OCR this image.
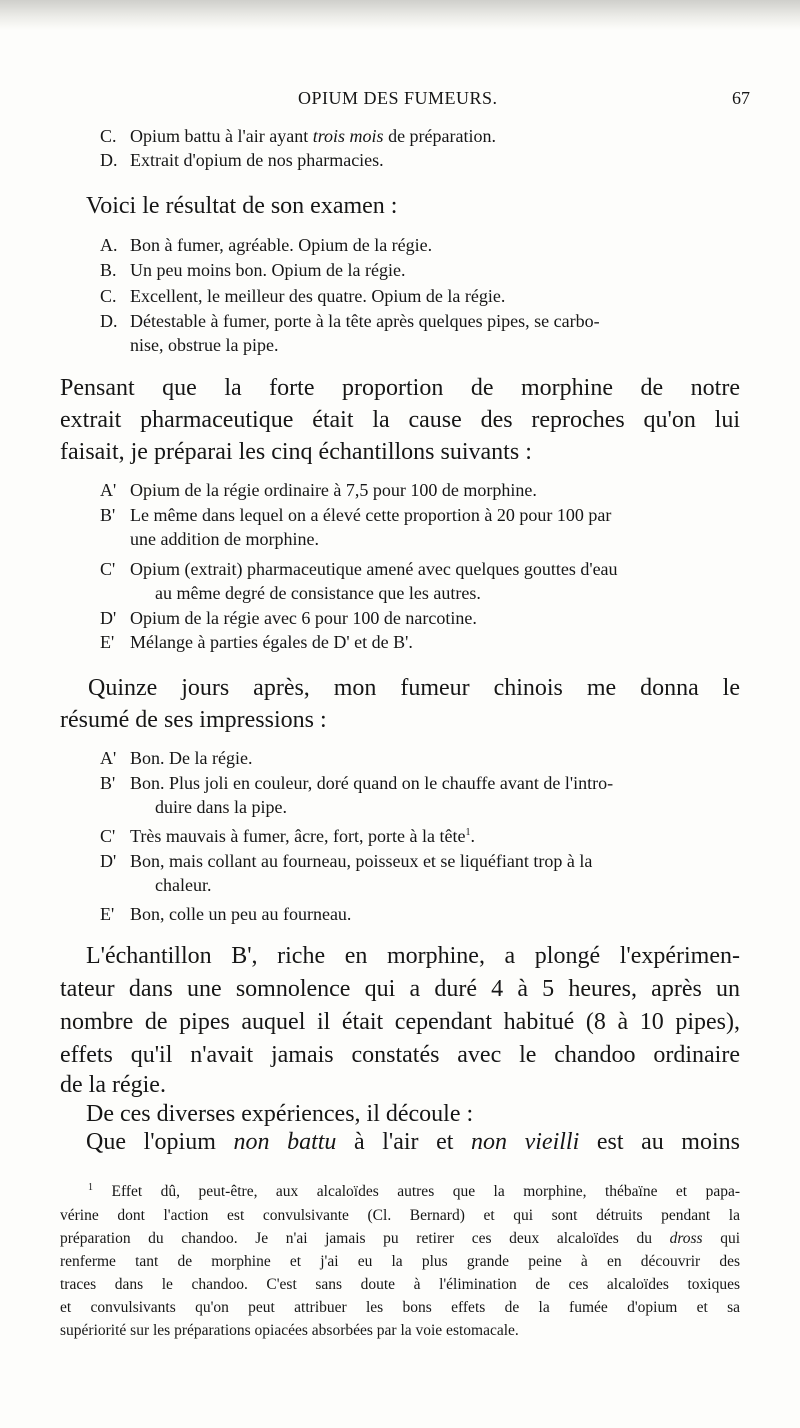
OPIUM DES FUMEURS.	67
C. Opium battu à l'air ayant trois mois de préparation.
D. Extrait d'opium de nos pharmacies.
Voici le résultat de son examen :
A. Bon à fumer, agréable. Opium de la régie.
B. Un peu moins bon. Opium de la régie.
C. Excellent, le meilleur des quatre. Opium de la régie.
D. Détestable à fumer, porte à la tête après quelques pipes, se carbo-
nise, obstrue la pipe.
Pensant que la forte proportion de morphine de notre
extrait pharmaceutique était la cause des reproches qu'on lui
faisait, je préparai les cinq échantillons suivants :
A' Opium de la régie ordinaire à 7,5 pour 100 de morphine.
B' Le même dans lequel on a élevé cette proportion à 20 pour 100 par
une addition de morphine.
C' Opium (extrait) pharmaceutique amené avec quelques gouttes d'eau
au même degré de consistance que les autres.
D' Opium de la régie avec 6 pour 100 de narcotine.
E' Mélange à parties égales de D' et de B'.
Quinze jours après, mon fumeur chinois me donna le
résumé de ses impressions :
A' Bon. De la régie.
B' Bon. Plus joli en couleur, doré quand on le chauffe avant de l'intro-
duire dans la pipe.
C' Très mauvais à fumer, âcre, fort, porte à la tête$^1$.
D' Bon, mais collant au fourneau, poisseux et se liquéfiant trop à la
chaleur.
E' Bon, colle un peu au fourneau.
L'échantillon B', riche en morphine, a plongé l'expérimen-
tateur dans une somnolence qui a duré 4 à 5 heures, après un
nombre de pipes auquel il était cependant habitué (8 à 10 pipes),
effets qu'il n'avait jamais constatés avec le chandoo ordinaire
de la régie.
De ces diverses expériences, il découle :
Que l'opium non battu à l'air et non vieilli est au moins
$^1$ Effet dû, peut-être, aux alcaloïdes autres que la morphine, thébaïne et papa-
vérine dont l'action est convulsivante (Cl. Bernard) et qui sont détruits pendant la
préparation du chandoo. Je n'ai jamais pu retirer ces deux alcaloïdes du dross qui
renferme tant de morphine et j'ai eu la plus grande peine à en découvrir des
traces dans le chandoo. C'est sans doute à l'élimination de ces alcaloïdes toxiques
et convulsivants qu'on peut attribuer les bons effets de la fumée d'opium et sa
supériorité sur les préparations opiacées absorbées par la voie estomacale.
